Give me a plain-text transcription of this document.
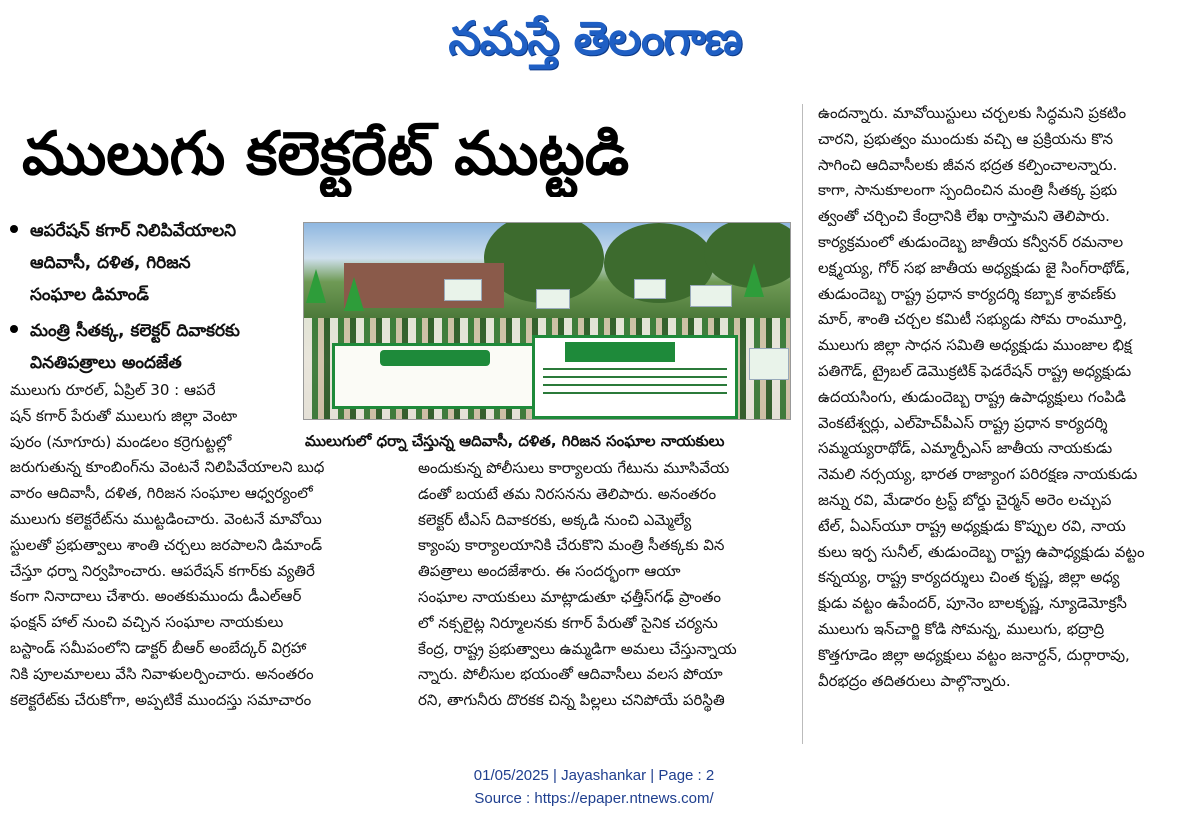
నమస్తే తెలంగాణ
ములుగు కలెక్టరేట్‌ ముట్టడి
ఆపరేషన్‌ కగార్‌ నిలిపివేయాలని
ఆదివాసీ, దళిత, గిరిజన
సంఘాల డిమాండ్‌
మంత్రి సీతక్క, కలెక్టర్‌ దివాకరకు
వినతిపత్రాలు అందజేత
ములుగులో ధర్నా చేస్తున్న ఆదివాసీ, దళిత, గిరిజన సంఘాల నాయకులు
ములుగు రూరల్‌, ఏప్రిల్‌ 30 : ఆపరే
షన్‌ కగార్‌ పేరుతో ములుగు జిల్లా వెంటా
పురం (నూగూరు) మండలం కర్రెగుట్టల్లో
జరుగుతున్న కూంబింగ్‌ను వెంటనే నిలిపివేయాలని బుధ
వారం ఆదివాసీ, దళిత, గిరిజన సంఘాల ఆధ్వర్యంలో
ములుగు కలెక్టరేట్‌ను ముట్టడించారు. వెంటనే మావోయి
స్టులతో ప్రభుత్వాలు శాంతి చర్చలు జరపాలని డిమాండ్‌
చేస్తూ ధర్నా నిర్వహించారు. ఆపరేషన్‌ కగార్‌కు వ్యతిరే
కంగా నినాదాలు చేశారు. అంతకుముందు డీఎల్‌ఆర్‌
ఫంక్షన్‌ హాల్‌ నుంచి వచ్చిన సంఘాల నాయకులు
బస్టాండ్‌ సమీపంలోని డాక్టర్‌ బీఆర్‌ అంబేద్కర్‌ విగ్రహా
నికి పూలమాలలు వేసి నివాళులర్పించారు. అనంతరం
కలెక్టరేట్‌కు చేరుకోగా, అప్పటికే ముందస్తు సమాచారం
అందుకున్న పోలీసులు కార్యాలయ గేటును మూసివేయ
డంతో బయటే తమ నిరసనను తెలిపారు. అనంతరం
కలెక్టర్‌ టీఎస్‌ దివాకరకు, అక్కడి నుంచి ఎమ్మెల్యే
క్యాంపు కార్యాలయానికి చేరుకొని మంత్రి సీతక్కకు విన
తిపత్రాలు అందజేశారు. ఈ సందర్భంగా ఆయా
సంఘాల నాయకులు మాట్లాడుతూ ఛత్తీస్‌గఢ్‌ ప్రాంతం
లో నక్సలైట్ల నిర్మూలనకు కగార్‌ పేరుతో సైనిక చర్యను
కేంద్ర, రాష్ట్ర ప్రభుత్వాలు ఉమ్మడిగా అమలు చేస్తున్నాయ
న్నారు. పోలీసుల భయంతో ఆదివాసీలు వలస పోయా
రని, తాగునీరు దొరకక చిన్న పిల్లలు చనిపోయే పరిస్థితి
ఉందన్నారు. మావోయిస్టులు చర్చలకు సిద్ధమని ప్రకటిం
చారని, ప్రభుత్వం ముందుకు వచ్చి ఆ ప్రక్రియను కొన
సాగించి ఆదివాసీలకు జీవన భద్రత కల్పించాలన్నారు.
కాగా, సానుకూలంగా స్పందించిన మంత్రి సీతక్క ప్రభు
త్వంతో చర్చించి కేంద్రానికి లేఖ రాస్తామని తెలిపారు.
కార్యక్రమంలో తుడుందెబ్బ జాతీయ కన్వీనర్‌ రమనాల
లక్ష్మయ్య, గోర్‌ సభ జాతీయ అధ్యక్షుడు జై సింగ్‌రాథోడ్‌,
తుడుందెబ్బ రాష్ట్ర ప్రధాన కార్యదర్శి కబ్బాక శ్రావణ్‌కు
మార్‌, శాంతి చర్చల కమిటీ సభ్యుడు సోమ రాంమూర్తి,
ములుగు జిల్లా సాధన సమితి అధ్యక్షుడు ముంజాల భిక్ష
పతిగౌడ్‌, ట్రైబల్‌ డెమొక్రటిక్‌ ఫెడరేషన్‌ రాష్ట్ర అధ్యక్షుడు
ఉదయసింగు, తుడుందెబ్బ రాష్ట్ర ఉపాధ్యక్షులు గంపిడి
వెంకటేశ్వర్లు, ఎల్‌హెచ్‌పీఎస్‌ రాష్ట్ర ప్రధాన కార్యదర్శి
సమ్మయ్యరాథోడ్‌, ఎమ్మార్పీఎస్‌ జాతీయ నాయకుడు
నెమలి నర్సయ్య, భారత రాజ్యాంగ పరిరక్షణ నాయకుడు
జన్ను రవి, మేడారం ట్రస్ట్‌ బోర్డు చైర్మన్‌ అరెం లచ్చుప
టేల్‌, ఏఎస్‌యూ రాష్ట్ర అధ్యక్షుడు కొప్పుల రవి, నాయ
కులు ఇర్ప సునీల్‌, తుడుందెబ్బ రాష్ట్ర ఉపాధ్యక్షుడు వట్టం
కన్నయ్య, రాష్ట్ర కార్యదర్శులు చింత కృష్ణ, జిల్లా అధ్య
క్షుడు వట్టం ఉపేందర్‌, పూనెం బాలకృష్ణ, న్యూడెమోక్రసీ
ములుగు ఇన్‌చార్జి కోడి సోమన్న, ములుగు, భద్రాద్రి
కొత్తగూడెం జిల్లా అధ్యక్షులు వట్టం జనార్దన్‌, దుర్గారావు,
వీరభద్రం తదితరులు పాల్గొన్నారు.
01/05/2025 | Jayashankar | Page : 2
Source : https://epaper.ntnews.com/
